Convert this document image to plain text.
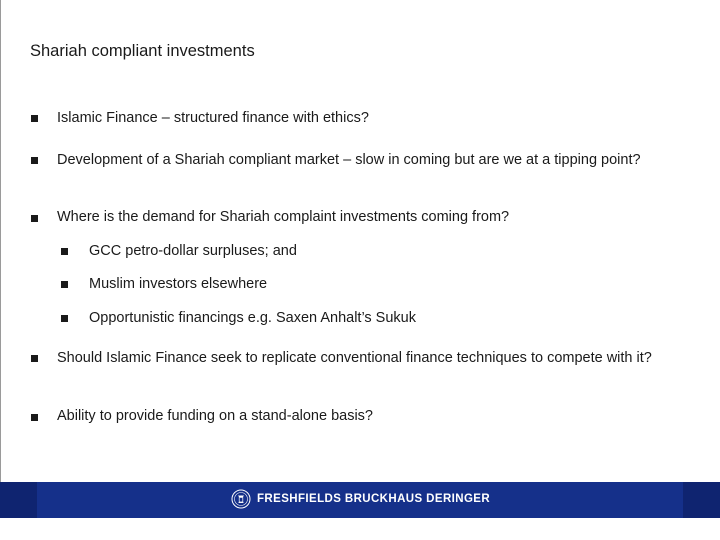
Shariah compliant investments
Islamic Finance – structured finance with ethics?
Development of a Shariah compliant market – slow in coming but are we at a tipping point?
Where is the demand for Shariah complaint investments coming from?
GCC petro-dollar surpluses; and
Muslim investors elsewhere
Opportunistic financings e.g. Saxen Anhalt’s Sukuk
Should Islamic Finance seek to replicate conventional finance techniques to compete with it?
Ability to provide funding on a stand-alone basis?
FRESHFIELDS BRUCKHAUS DERINGER
